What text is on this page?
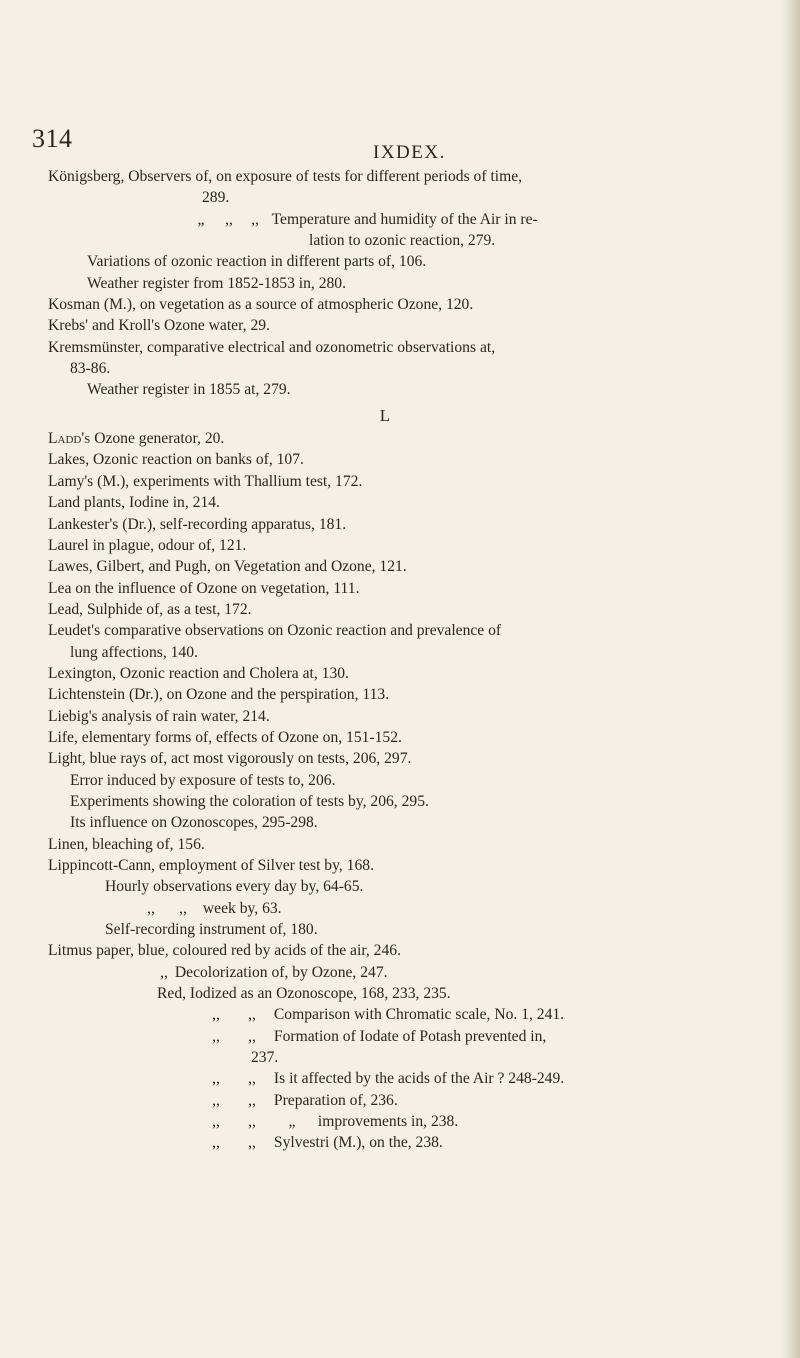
314	IXDEX.
Königsberg, Observers of, on exposure of tests for different periods of time,
289.
„ ,, ,, Temperature and humidity of the Air in re-
lation to ozonic reaction, 279.
Variations of ozonic reaction in different parts of, 106.
Weather register from 1852-1853 in, 280.
Kosman (M.), on vegetation as a source of atmospheric Ozone, 120.
Krebs' and Kroll's Ozone water, 29.
Kremsmünster, comparative electrical and ozonometric observations at,
83-86.
Weather register in 1855 at, 279.
L
Ladd's Ozone generator, 20.
Lakes, Ozonic reaction on banks of, 107.
Lamy's (M.), experiments with Thallium test, 172.
Land plants, Iodine in, 214.
Lankester's (Dr.), self-recording apparatus, 181.
Laurel in plague, odour of, 121.
Lawes, Gilbert, and Pugh, on Vegetation and Ozone, 121.
Lea on the influence of Ozone on vegetation, 111.
Lead, Sulphide of, as a test, 172.
Leudet's comparative observations on Ozonic reaction and prevalence of
lung affections, 140.
Lexington, Ozonic reaction and Cholera at, 130.
Lichtenstein (Dr.), on Ozone and the perspiration, 113.
Liebig's analysis of rain water, 214.
Life, elementary forms of, effects of Ozone on, 151-152.
Light, blue rays of, act most vigorously on tests, 206, 297.
Error induced by exposure of tests to, 206.
Experiments showing the coloration of tests by, 206, 295.
Its influence on Ozonoscopes, 295-298.
Linen, bleaching of, 156.
Lippincott-Cann, employment of Silver test by, 168.
Hourly observations every day by, 64-65.
,, ,, week by, 63.
Self-recording instrument of, 180.
Litmus paper, blue, coloured red by acids of the air, 246.
,, Decolorization of, by Ozone, 247.
Red, Iodized as an Ozonoscope, 168, 233, 235.
,, ,, Comparison with Chromatic scale, No. 1, 241.
,, ,, Formation of Iodate of Potash prevented in,
237.
,, ,, Is it affected by the acids of the Air ? 248-249.
,, ,, Preparation of, 236.
,, ,, „ improvements in, 238.
,, ,, Sylvestri (M.), on the, 238.
